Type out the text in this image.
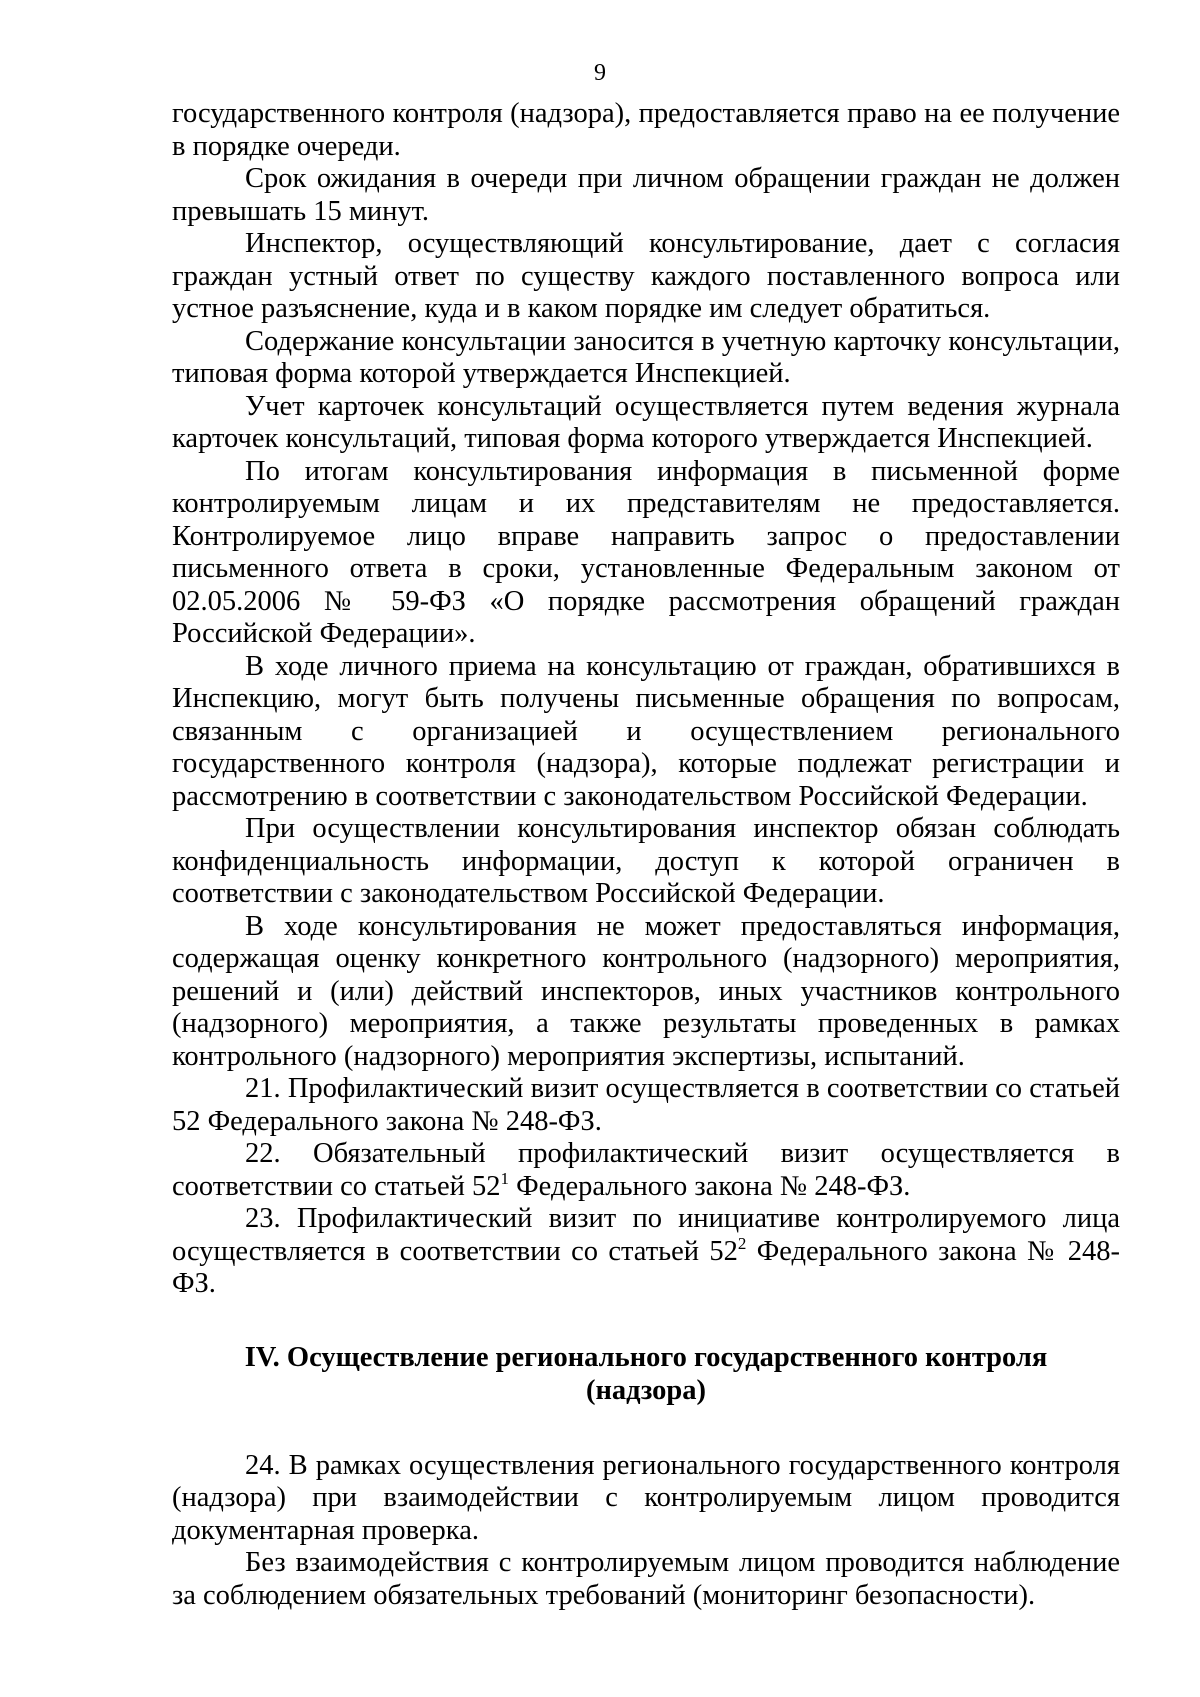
9

государственного контроля (надзора), предоставляется право на ее получение в порядке очереди.

Срок ожидания в очереди при личном обращении граждан не должен превышать 15 минут.

Инспектор, осуществляющий консультирование, дает с согласия граждан устный ответ по существу каждого поставленного вопроса или устное разъяснение, куда и в каком порядке им следует обратиться.

Содержание консультации заносится в учетную карточку консультации, типовая форма которой утверждается Инспекцией.

Учет карточек консультаций осуществляется путем ведения журнала карточек консультаций, типовая форма которого утверждается Инспекцией.

По итогам консультирования информация в письменной форме контролируемым лицам и их представителям не предоставляется. Контролируемое лицо вправе направить запрос о предоставлении письменного ответа в сроки, установленные Федеральным законом от 02.05.2006 № 59-ФЗ «О порядке рассмотрения обращений граждан Российской Федерации».

В ходе личного приема на консультацию от граждан, обратившихся в Инспекцию, могут быть получены письменные обращения по вопросам, связанным с организацией и осуществлением регионального государственного контроля (надзора), которые подлежат регистрации и рассмотрению в соответствии с законодательством Российской Федерации.

При осуществлении консультирования инспектор обязан соблюдать конфиденциальность информации, доступ к которой ограничен в соответствии с законодательством Российской Федерации.

В ходе консультирования не может предоставляться информация, содержащая оценку конкретного контрольного (надзорного) мероприятия, решений и (или) действий инспекторов, иных участников контрольного (надзорного) мероприятия, а также результаты проведенных в рамках контрольного (надзорного) мероприятия экспертизы, испытаний.

21. Профилактический визит осуществляется в соответствии со статьей 52 Федерального закона № 248-ФЗ.

22. Обязательный профилактический визит осуществляется в соответствии со статьей $52^1$ Федерального закона № 248-ФЗ.

23. Профилактический визит по инициативе контролируемого лица осуществляется в соответствии со статьей $52^2$ Федерального закона № 248-ФЗ.

IV. Осуществление регионального государственного контроля (надзора)

24. В рамках осуществления регионального государственного контроля (надзора) при взаимодействии с контролируемым лицом проводится документарная проверка.

Без взаимодействия с контролируемым лицом проводится наблюдение за соблюдением обязательных требований (мониторинг безопасности).
